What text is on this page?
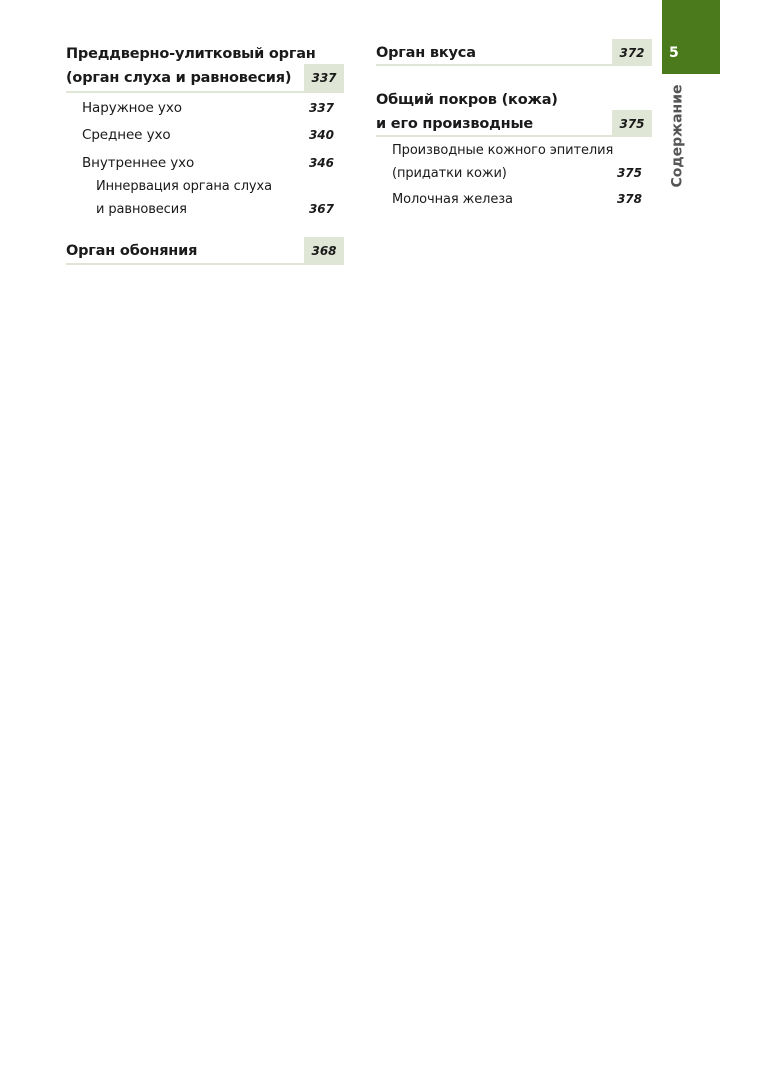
5
Содержание
Преддверно-улитковый орган
(орган слуха и равновесия)	337
Наружное ухо	337
Среднее ухо	340
Внутреннее ухо	346
Иннервация органа слуха
и равновесия	367
Орган обоняния	368
Орган вкуса	372
Общий покров (кожа)
и его производные	375
Производные кожного эпителия
(придатки кожи)	375
Молочная железа	378
